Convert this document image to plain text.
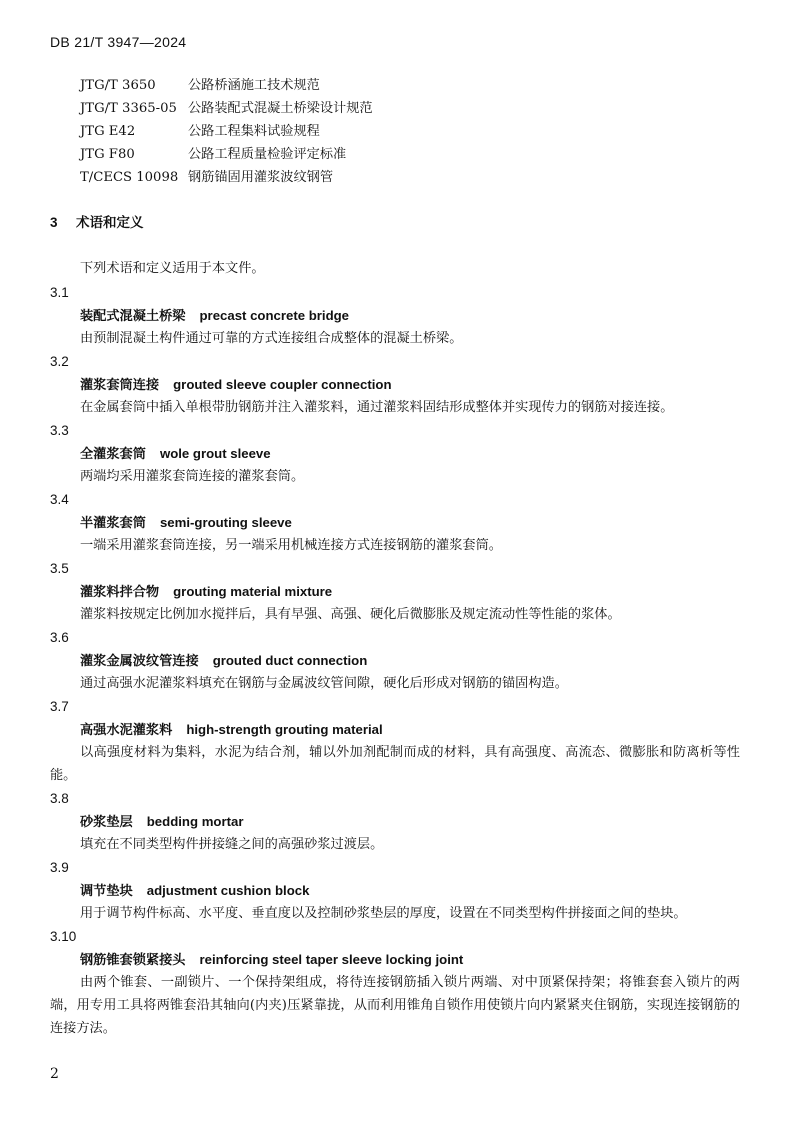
DB 21/T 3947—2024
JTG/T 3650	公路桥涵施工技术规范
JTG/T 3365-05 公路装配式混凝土桥梁设计规范
JTG E42	公路工程集料试验规程
JTG F80	公路工程质量检验评定标准
T/CECS 10098 钢筋锚固用灌浆波纹钢管
3 术语和定义
下列术语和定义适用于本文件。
3.1
装配式混凝土桥梁 precast concrete bridge
由预制混凝土构件通过可靠的方式连接组合成整体的混凝土桥梁。
3.2
灌浆套筒连接 grouted sleeve coupler connection
在金属套筒中插入单根带肋钢筋并注入灌浆料，通过灌浆料固结形成整体并实现传力的钢筋对接连接。
3.3
全灌浆套筒 wole grout sleeve
两端均采用灌浆套筒连接的灌浆套筒。
3.4
半灌浆套筒 semi-grouting sleeve
一端采用灌浆套筒连接，另一端采用机械连接方式连接钢筋的灌浆套筒。
3.5
灌浆料拌合物 grouting material mixture
灌浆料按规定比例加水搅拌后，具有早强、高强、硬化后微膨胀及规定流动性等性能的浆体。
3.6
灌浆金属波纹管连接 grouted duct connection
通过高强水泥灌浆料填充在钢筋与金属波纹管间隙，硬化后形成对钢筋的锚固构造。
3.7
高强水泥灌浆料 high-strength grouting material
以高强度材料为集料，水泥为结合剂，辅以外加剂配制而成的材料，具有高强度、高流态、微膨胀和防离析等性能。
3.8
砂浆垫层 bedding mortar
填充在不同类型构件拼接缝之间的高强砂浆过渡层。
3.9
调节垫块 adjustment cushion block
用于调节构件标高、水平度、垂直度以及控制砂浆垫层的厚度，设置在不同类型构件拼接面之间的垫块。
3.10
钢筋锥套锁紧接头 reinforcing steel taper sleeve locking joint
由两个锥套、一副锁片、一个保持架组成，将待连接钢筋插入锁片两端、对中顶紧保持架；将锥套套入锁片的两端，用专用工具将两锥套沿其轴向(内夹)压紧靠拢，从而利用锥角自锁作用使锁片向内紧紧夹住钢筋，实现连接钢筋的连接方法。
2
